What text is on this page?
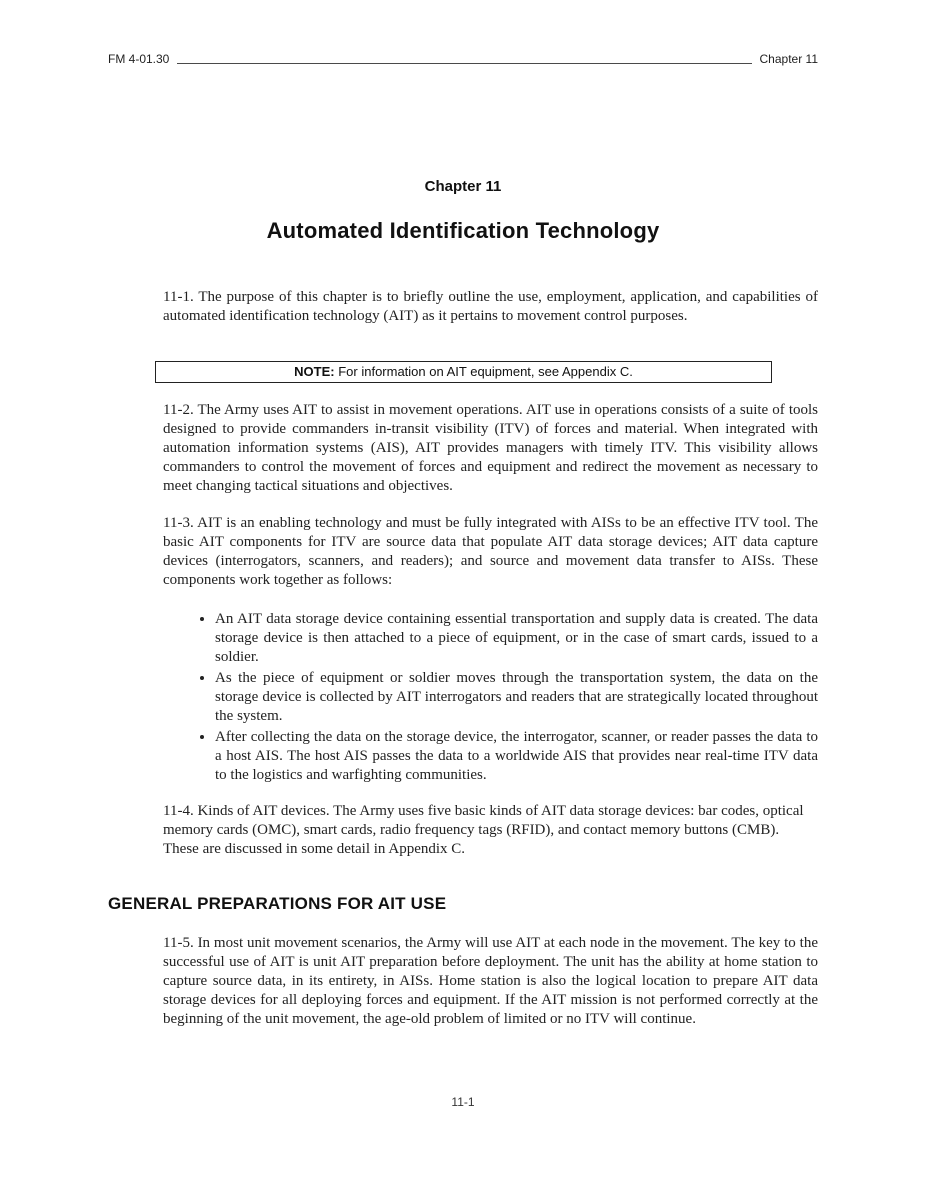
FM 4-01.30	Chapter 11
Chapter 11
Automated Identification Technology

11-1. The purpose of this chapter is to briefly outline the use, employment, application, and capabilities of automated identification technology (AIT) as it pertains to movement control purposes.

NOTE: For information on AIT equipment, see Appendix C.

11-2. The Army uses AIT to assist in movement operations. AIT use in operations consists of a suite of tools designed to provide commanders in-transit visibility (ITV) of forces and material. When integrated with automation information systems (AIS), AIT provides managers with timely ITV. This visibility allows commanders to control the movement of forces and equipment and redirect the movement as necessary to meet changing tactical situations and objectives.

11-3. AIT is an enabling technology and must be fully integrated with AISs to be an effective ITV tool. The basic AIT components for ITV are source data that populate AIT data storage devices; AIT data capture devices (interrogators, scanners, and readers); and source and movement data transfer to AISs. These components work together as follows:

• An AIT data storage device containing essential transportation and supply data is created. The data storage device is then attached to a piece of equipment, or in the case of smart cards, issued to a soldier.
• As the piece of equipment or soldier moves through the transportation system, the data on the storage device is collected by AIT interrogators and readers that are strategically located throughout the system.
• After collecting the data on the storage device, the interrogator, scanner, or reader passes the data to a host AIS. The host AIS passes the data to a worldwide AIS that provides near real-time ITV data to the logistics and warfighting communities.

11-4. Kinds of AIT devices. The Army uses five basic kinds of AIT data storage devices: bar codes, optical memory cards (OMC), smart cards, radio frequency tags (RFID), and contact memory buttons (CMB). These are discussed in some detail in Appendix C.

GENERAL PREPARATIONS FOR AIT USE

11-5. In most unit movement scenarios, the Army will use AIT at each node in the movement. The key to the successful use of AIT is unit AIT preparation before deployment. The unit has the ability at home station to capture source data, in its entirety, in AISs. Home station is also the logical location to prepare AIT data storage devices for all deploying forces and equipment. If the AIT mission is not performed correctly at the beginning of the unit movement, the age-old problem of limited or no ITV will continue.

11-1
